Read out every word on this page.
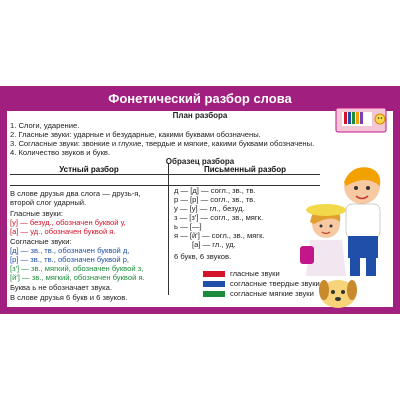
Фонетический разбор слова
План разбора
1. Слоги, ударение.
2. Гласные звуки: ударные и безударные, какими буквами обозначены.
3. Согласные звуки: звонкие и глухие, твердые и мягкие, какими буквами обозначены.
4. Количество звуков и букв.
Образец разбора
Устный разбор	Письменный разбор
В слове друзья два слога — друзь-я,
второй слог ударный.
Гласные звуки:
[у] — безуд., обозначен буквой у,
[а] — уд., обозначен буквой я.
Согласные звуки:
[д] — зв., тв., обозначен буквой д,
[р] — зв., тв., обозначен буквой р,
[з'] — зв., мягкий, обозначен буквой з,
[й'] — зв., мягкий, обозначен буквой я.
Буква ь не обозначает звука.
В слове друзья 6 букв и 6 звуков.
д — [д] — согл., зв., тв.
р — [р] — согл., зв., тв.
у — [у] — гл., безуд.
з — [з'] — согл., зв., мягк.
ь — [—]
я — [й'] — согл., зв., мягк.
[а] — гл., уд.
6 букв, 6 звуков.
гласные звуки
согласные твердые звуки
согласные мягкие звуки
